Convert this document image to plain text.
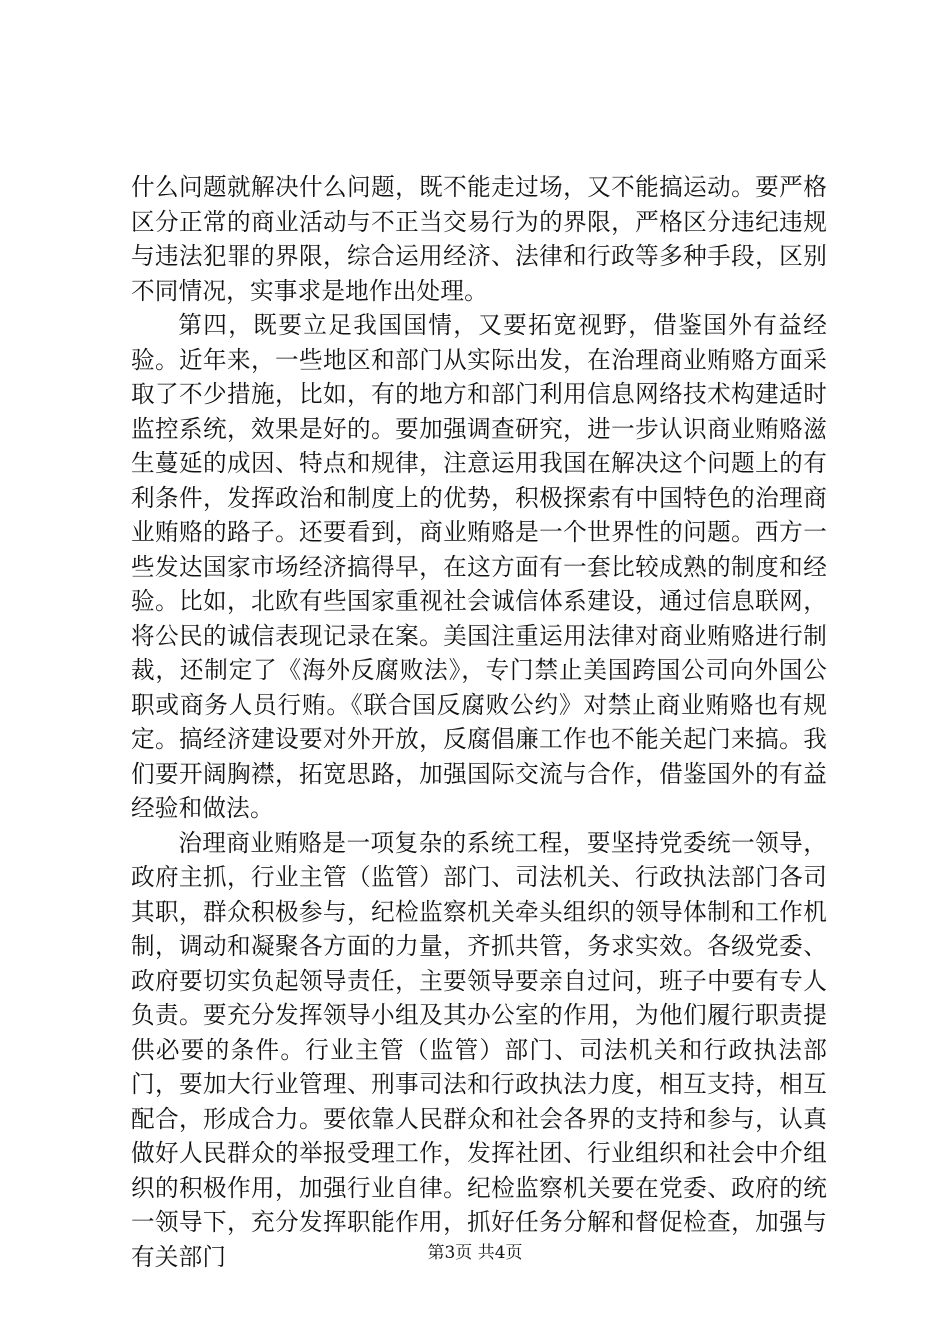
什么问题就解决什么问题，既不能走过场，又不能搞运动。要严格区分正常的商业活动与不正当交易行为的界限，严格区分违纪违规与违法犯罪的界限，综合运用经济、法律和行政等多种手段，区别不同情况，实事求是地作出处理。

第四，既要立足我国国情，又要拓宽视野，借鉴国外有益经验。近年来，一些地区和部门从实际出发，在治理商业贿赂方面采取了不少措施，比如，有的地方和部门利用信息网络技术构建适时监控系统，效果是好的。要加强调查研究，进一步认识商业贿赂滋生蔓延的成因、特点和规律，注意运用我国在解决这个问题上的有利条件，发挥政治和制度上的优势，积极探索有中国特色的治理商业贿赂的路子。还要看到，商业贿赂是一个世界性的问题。西方一些发达国家市场经济搞得早，在这方面有一套比较成熟的制度和经验。比如，北欧有些国家重视社会诚信体系建设，通过信息联网，将公民的诚信表现记录在案。美国注重运用法律对商业贿赂进行制裁，还制定了《海外反腐败法》，专门禁止美国跨国公司向外国公职或商务人员行贿。《联合国反腐败公约》对禁止商业贿赂也有规定。搞经济建设要对外开放，反腐倡廉工作也不能关起门来搞。我们要开阔胸襟，拓宽思路，加强国际交流与合作，借鉴国外的有益经验和做法。

治理商业贿赂是一项复杂的系统工程，要坚持党委统一领导，政府主抓，行业主管（监管）部门、司法机关、行政执法部门各司其职，群众积极参与，纪检监察机关牵头组织的领导体制和工作机制，调动和凝聚各方面的力量，齐抓共管，务求实效。各级党委、政府要切实负起领导责任，主要领导要亲自过问，班子中要有专人负责。要充分发挥领导小组及其办公室的作用，为他们履行职责提供必要的条件。行业主管（监管）部门、司法机关和行政执法部门，要加大行业管理、刑事司法和行政执法力度，相互支持，相互配合，形成合力。要依靠人民群众和社会各界的支持和参与，认真做好人民群众的举报受理工作，发挥社团、行业组织和社会中介组织的积极作用，加强行业自律。纪检监察机关要在党委、政府的统一领导下，充分发挥职能作用，抓好任务分解和督促检查，加强与有关部门	第3页 共4页
